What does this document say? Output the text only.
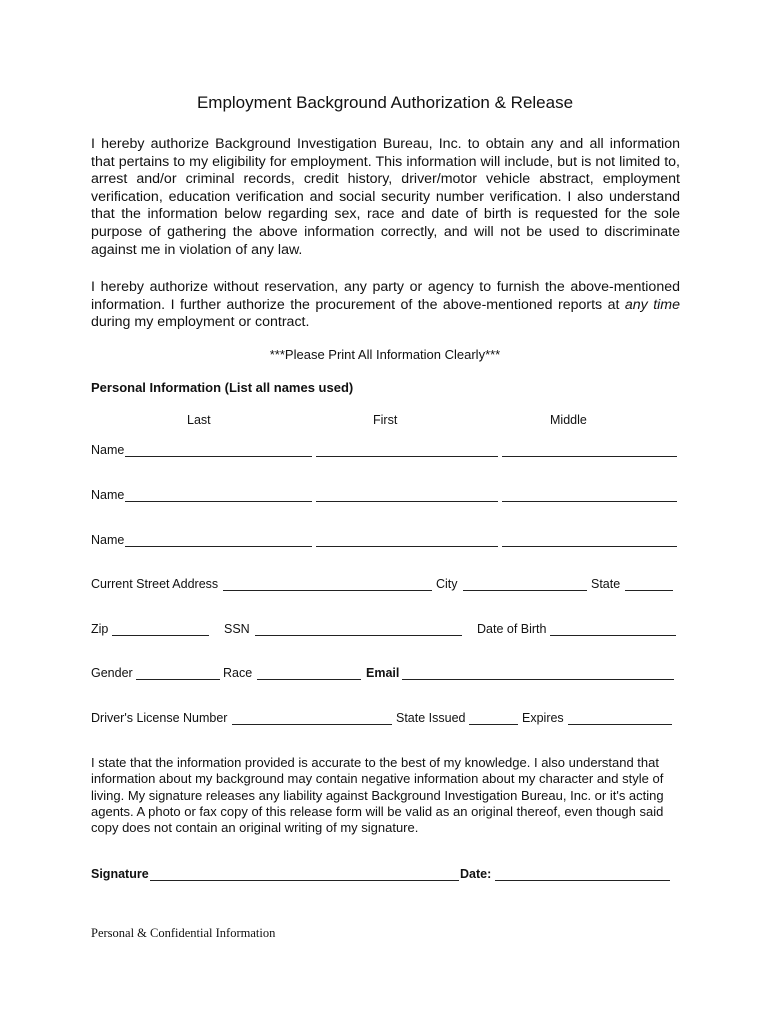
Employment Background Authorization & Release

I hereby authorize Background Investigation Bureau, Inc. to obtain any and all information that pertains to my eligibility for employment. This information will include, but is not limited to, arrest and/or criminal records, credit history, driver/motor vehicle abstract, employment verification, education verification and social security number verification. I also understand that the information below regarding sex, race and date of birth is requested for the sole purpose of gathering the above information correctly, and will not be used to discriminate against me in violation of any law.

I hereby authorize without reservation, any party or agency to furnish the above-mentioned information. I further authorize the procurement of the above-mentioned reports at any time during my employment or contract.

***Please Print All Information Clearly***
Personal Information (List all names used)
Last	First	Middle
Name
Name
Name
Current Street Address	City	State
Zip	SSN	Date of Birth
Gender	Race	Email
Driver's License Number	State Issued	Expires

I state that the information provided is accurate to the best of my knowledge. I also understand that information about my background may contain negative information about my character and style of living. My signature releases any liability against Background Investigation Bureau, Inc. or it's acting agents. A photo or fax copy of this release form will be valid as an original thereof, even though said copy does not contain an original writing of my signature.

Signature	Date:
Personal & Confidential Information
